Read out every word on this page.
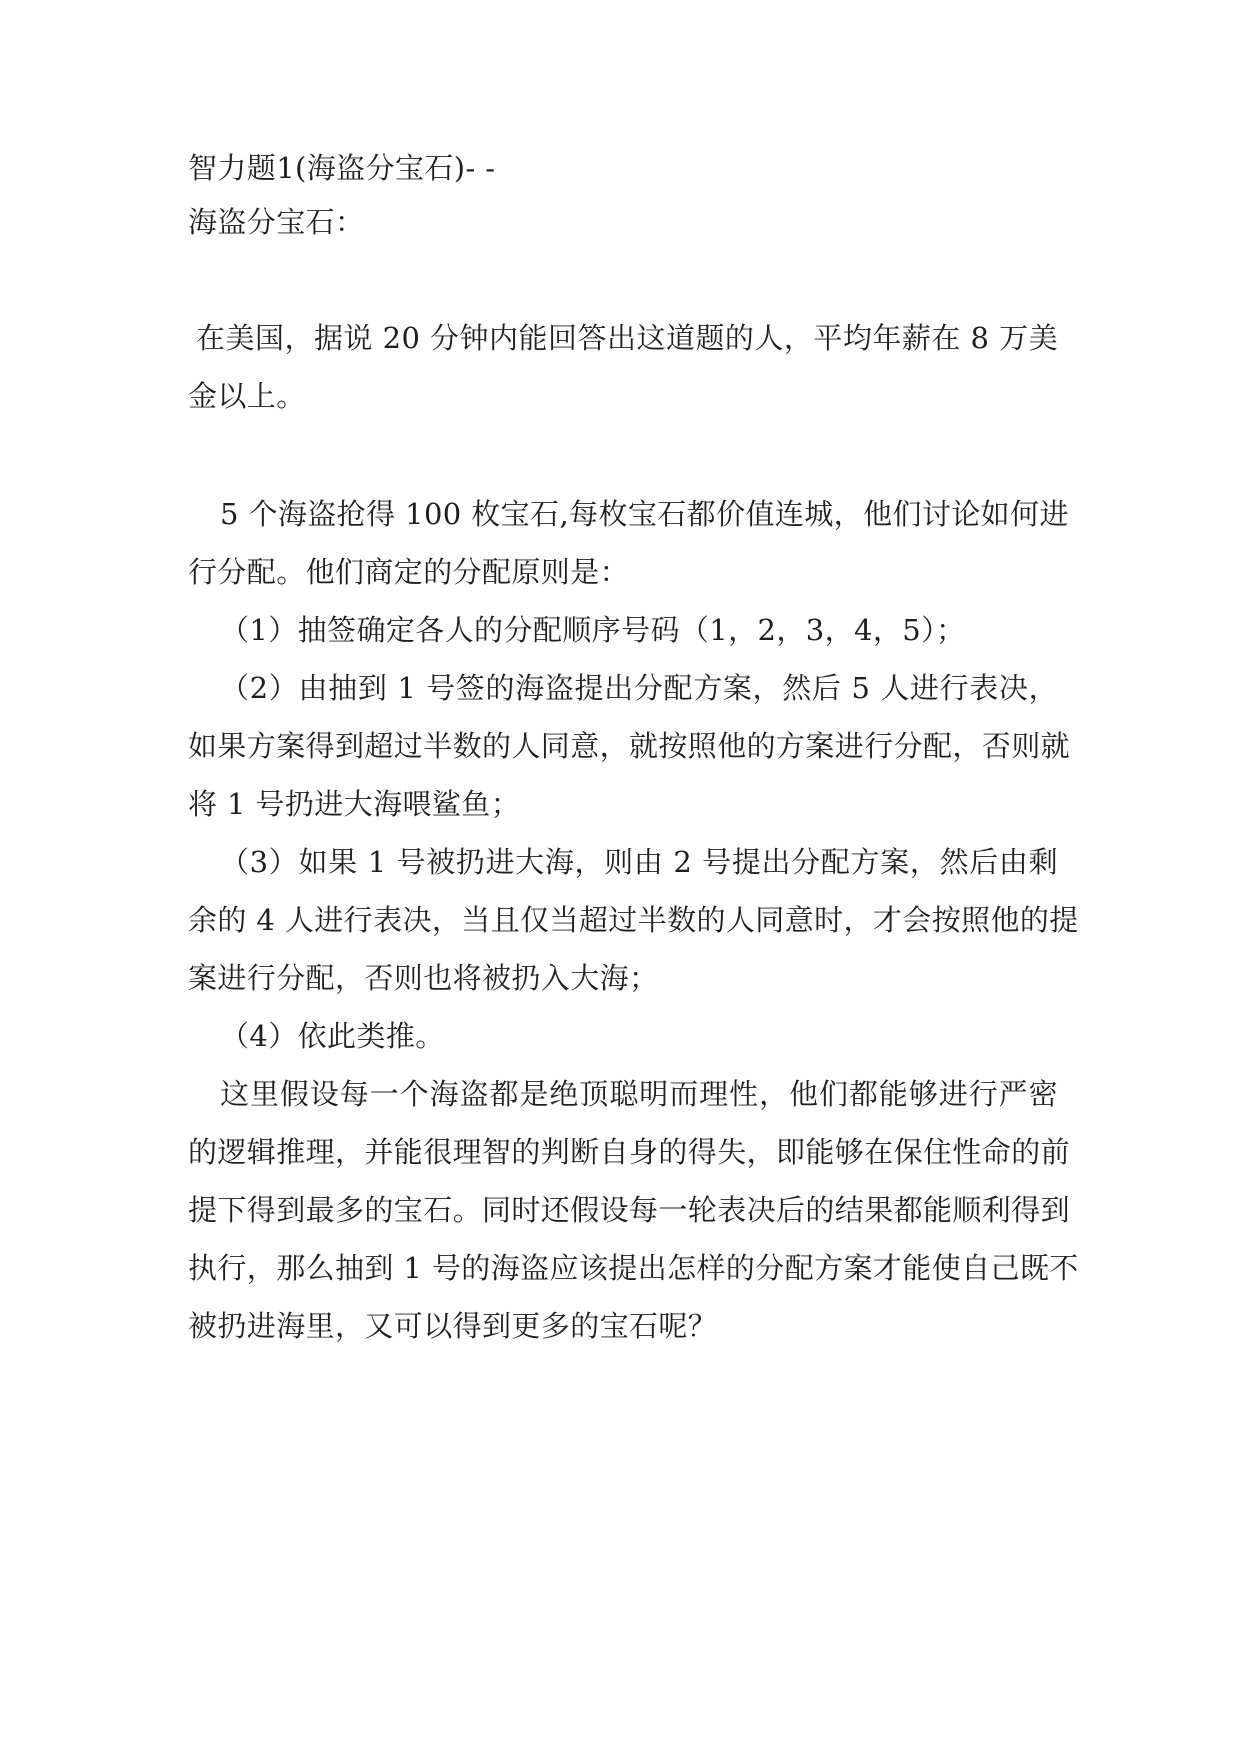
智力题1(海盗分宝石)- -
海盗分宝石：
在美国，据说 20 分钟内能回答出这道题的人，平均年薪在 8 万美
金以上。
5 个海盗抢得 100 枚宝石,每枚宝石都价值连城，他们讨论如何进
行分配。他们商定的分配原则是：
（1）抽签确定各人的分配顺序号码（1，2，3，4，5）；
（2）由抽到 1 号签的海盗提出分配方案，然后 5 人进行表决，
如果方案得到超过半数的人同意，就按照他的方案进行分配，否则就
将 1 号扔进大海喂鲨鱼；
（3）如果 1 号被扔进大海，则由 2 号提出分配方案，然后由剩
余的 4 人进行表决，当且仅当超过半数的人同意时，才会按照他的提
案进行分配，否则也将被扔入大海；
（4）依此类推。
这里假设每一个海盗都是绝顶聪明而理性，他们都能够进行严密
的逻辑推理，并能很理智的判断自身的得失，即能够在保住性命的前
提下得到最多的宝石。同时还假设每一轮表决后的结果都能顺利得到
执行，那么抽到 1 号的海盗应该提出怎样的分配方案才能使自己既不
被扔进海里，又可以得到更多的宝石呢？
